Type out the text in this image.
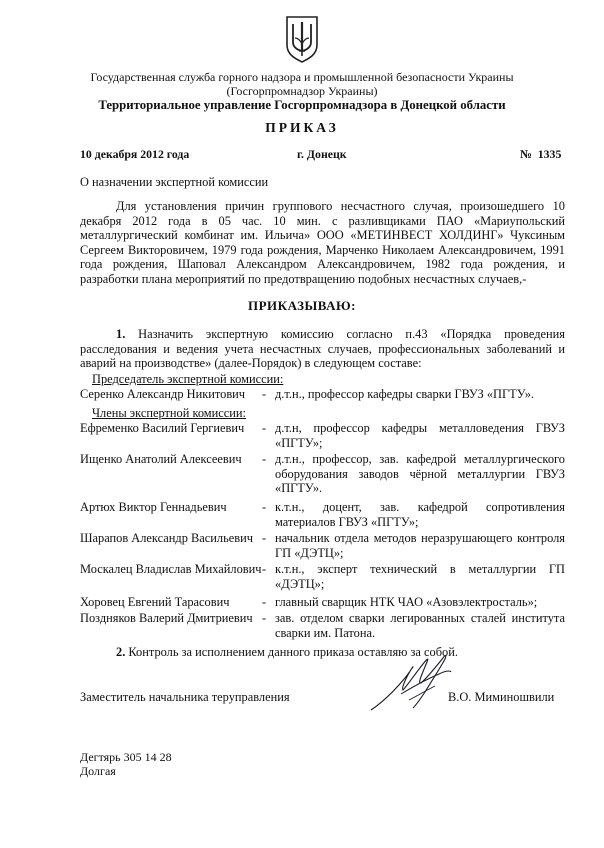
Государственная служба горного надзора и промышленной безопасности Украины
(Госгорпромнадзор Украины)
Территориальное управление Госгорпромнадзора в Донецкой области
ПРИКАЗ
10 декабря 2012 года	г. Донецк	№  1335
О назначении экспертной комиссии
Для установления причин группового несчастного случая, произошедшего 10 декабря 2012 года в 05 час. 10 мин. с разливщиками ПАО «Мариупольский металлургический комбинат им. Ильича» ООО «МЕТИНВЕСТ ХОЛДИНГ» Чуксиным Сергеем Викторовичем, 1979 года рождения, Марченко Николаем Александровичем, 1991 года рождения, Шаповал Александром Александровичем, 1982 года рождения, и разработки плана мероприятий по предотвращению подобных несчастных случаев,-
ПРИКАЗЫВАЮ:
1. Назначить экспертную комиссию согласно п.43 «Порядка проведения расследования и ведения учета несчастных случаев, профессиональных заболеваний и аварий на производстве» (далее-Порядок) в следующем составе:
Председатель экспертной комиссии:
Серенко Александр Никитович - д.т.н., профессор кафедры сварки ГВУЗ «ПГТУ».
Члены экспертной комиссии:
Ефременко Василий Гергиевич - д.т.н, профессор кафедры металловедения ГВУЗ «ПГТУ»;
Ищенко Анатолий Алексеевич - д.т.н., профессор, зав. кафедрой металлургического оборудования заводов чёрной металлургии ГВУЗ «ПГТУ».
Артюх Виктор Геннадьевич	- к.т.н., доцент, зав. кафедрой сопротивления материалов ГВУЗ «ПГТУ»;
Шарапов Александр Васильевич - начальник отдела методов неразрушающего контроля ГП «ДЭТЦ»;
Москалец Владислав Михайлович - к.т.н., эксперт технический в металлургии ГП «ДЭТЦ»;
Хоровец Евгений Тарасович	- главный сварщик НТК ЧАО «Азовэлектросталь»;
Поздняков Валерий Дмитриевич - зав. отделом сварки легированных сталей института сварки им. Патона.
2. Контроль за исполнением данного приказа оставляю за собой.
Заместитель начальника теруправления	В.О. Миминошвили
Дегтярь 305 14 28
Долгая
